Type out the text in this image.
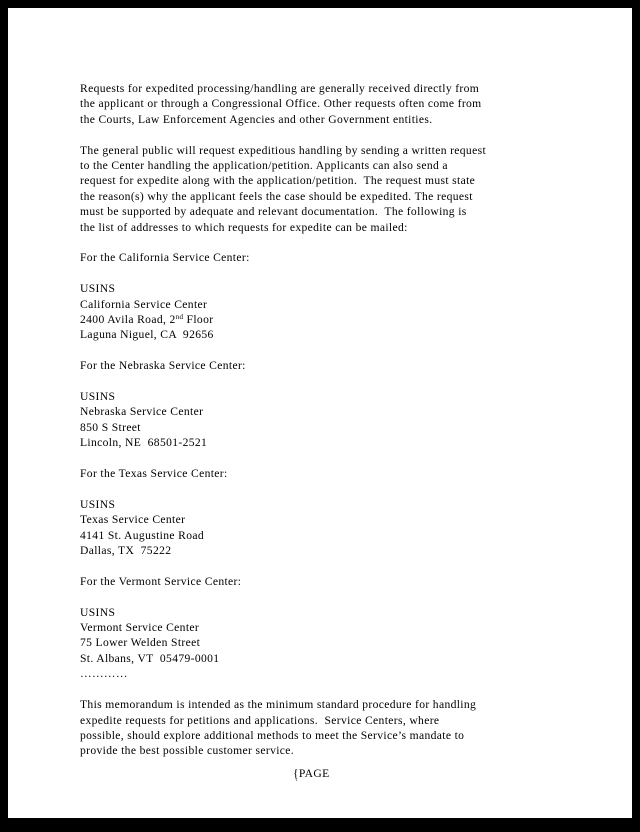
Requests for expedited processing/handling are generally received directly from
the applicant or through a Congressional Office. Other requests often come from
the Courts, Law Enforcement Agencies and other Government entities.
The general public will request expeditious handling by sending a written request
to the Center handling the application/petition. Applicants can also send a
request for expedite along with the application/petition.  The request must state
the reason(s) why the applicant feels the case should be expedited. The request
must be supported by adequate and relevant documentation.  The following is
the list of addresses to which requests for expedite can be mailed:
For the California Service Center:
USINS
California Service Center
2400 Avila Road, 2nd Floor
Laguna Niguel, CA  92656
For the Nebraska Service Center:
USINS
Nebraska Service Center
850 S Street
Lincoln, NE  68501-2521
For the Texas Service Center:
USINS
Texas Service Center
4141 St. Augustine Road
Dallas, TX  75222
For the Vermont Service Center:
USINS
Vermont Service Center
75 Lower Welden Street
St. Albans, VT  05479-0001
…………
This memorandum is intended as the minimum standard procedure for handling
expedite requests for petitions and applications.  Service Centers, where
possible, should explore additional methods to meet the Service’s mandate to
provide the best possible customer service.
{PAGE
`
